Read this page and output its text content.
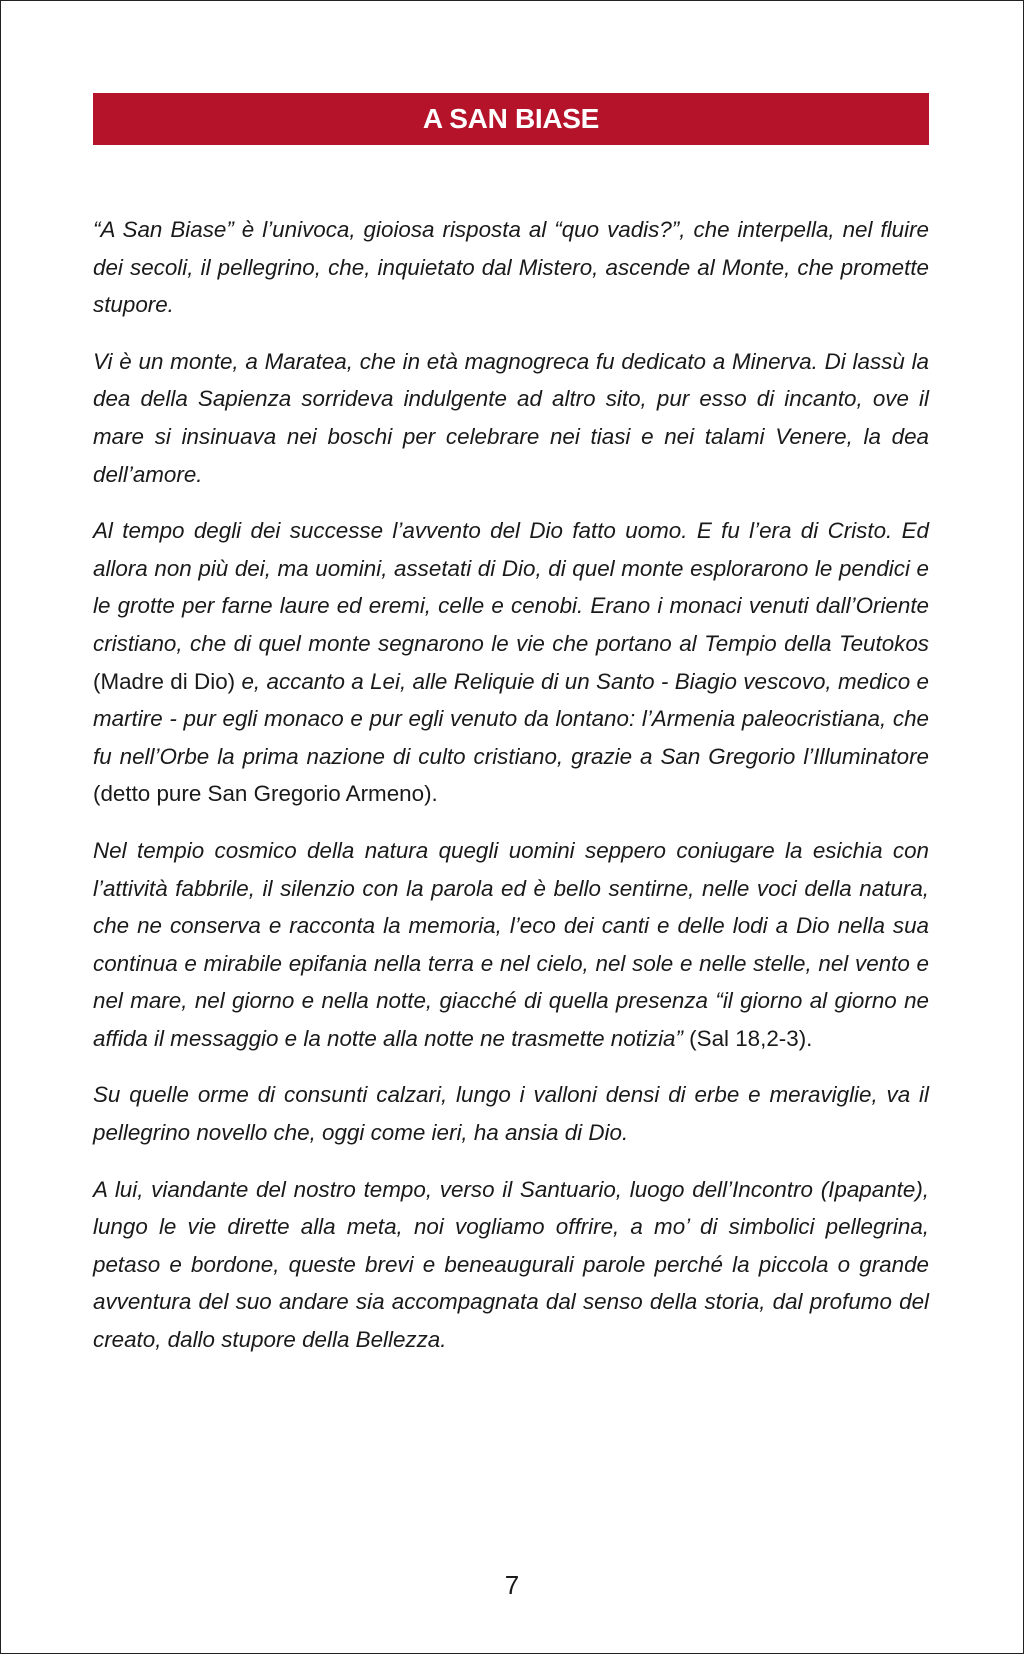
A SAN BIASE

“A San Biase” è l’univoca, gioiosa risposta al “quo vadis?”, che interpella, nel fluire dei secoli, il pellegrino, che, inquietato dal Mistero, ascende al Monte, che promette stupore.

Vi è un monte, a Maratea, che in età magnogreca fu dedicato a Minerva. Di lassù la dea della Sapienza sorrideva indulgente ad altro sito, pur esso di incanto, ove il mare si insinuava nei boschi per celebrare nei tiasi e nei talami Venere, la dea dell’amore.

Al tempo degli dei successe l’avvento del Dio fatto uomo. E fu l’era di Cristo. Ed allora non più dei, ma uomini, assetati di Dio, di quel monte esplorarono le pendici e le grotte per farne laure ed eremi, celle e cenobi. Erano i monaci venuti dall’Oriente cristiano, che di quel monte segnarono le vie che portano al Tempio della Teutokos (Madre di Dio) e, accanto a Lei, alle Reliquie di un Santo - Biagio vescovo, medico e martire - pur egli monaco e pur egli venuto da lontano: l’Armenia paleocristiana, che fu nell’Orbe la prima nazione di culto cristiano, grazie a San Gregorio l’Illuminatore (detto pure San Gregorio Armeno).

Nel tempio cosmico della natura quegli uomini seppero coniugare la esichia con l’attività fabbrile, il silenzio con la parola ed è bello sentirne, nelle voci della natura, che ne conserva e racconta la memoria, l’eco dei canti e delle lodi a Dio nella sua continua e mirabile epifania nella terra e nel cielo, nel sole e nelle stelle, nel vento e nel mare, nel giorno e nella notte, giacché di quella presenza “il giorno al giorno ne affida il messaggio e la notte alla notte ne trasmette notizia” (Sal 18,2-3).

Su quelle orme di consunti calzari, lungo i valloni densi di erbe e meraviglie, va il pellegrino novello che, oggi come ieri, ha ansia di Dio.

A lui, viandante del nostro tempo, verso il Santuario, luogo dell’Incontro (Ipapante), lungo le vie dirette alla meta, noi vogliamo offrire, a mo’ di simbolici pellegrina, petaso e bordone, queste brevi e beneaugurali parole perché la piccola o grande avventura del suo andare sia accompagnata dal senso della storia, dal profumo del creato, dallo stupore della Bellezza.

7
